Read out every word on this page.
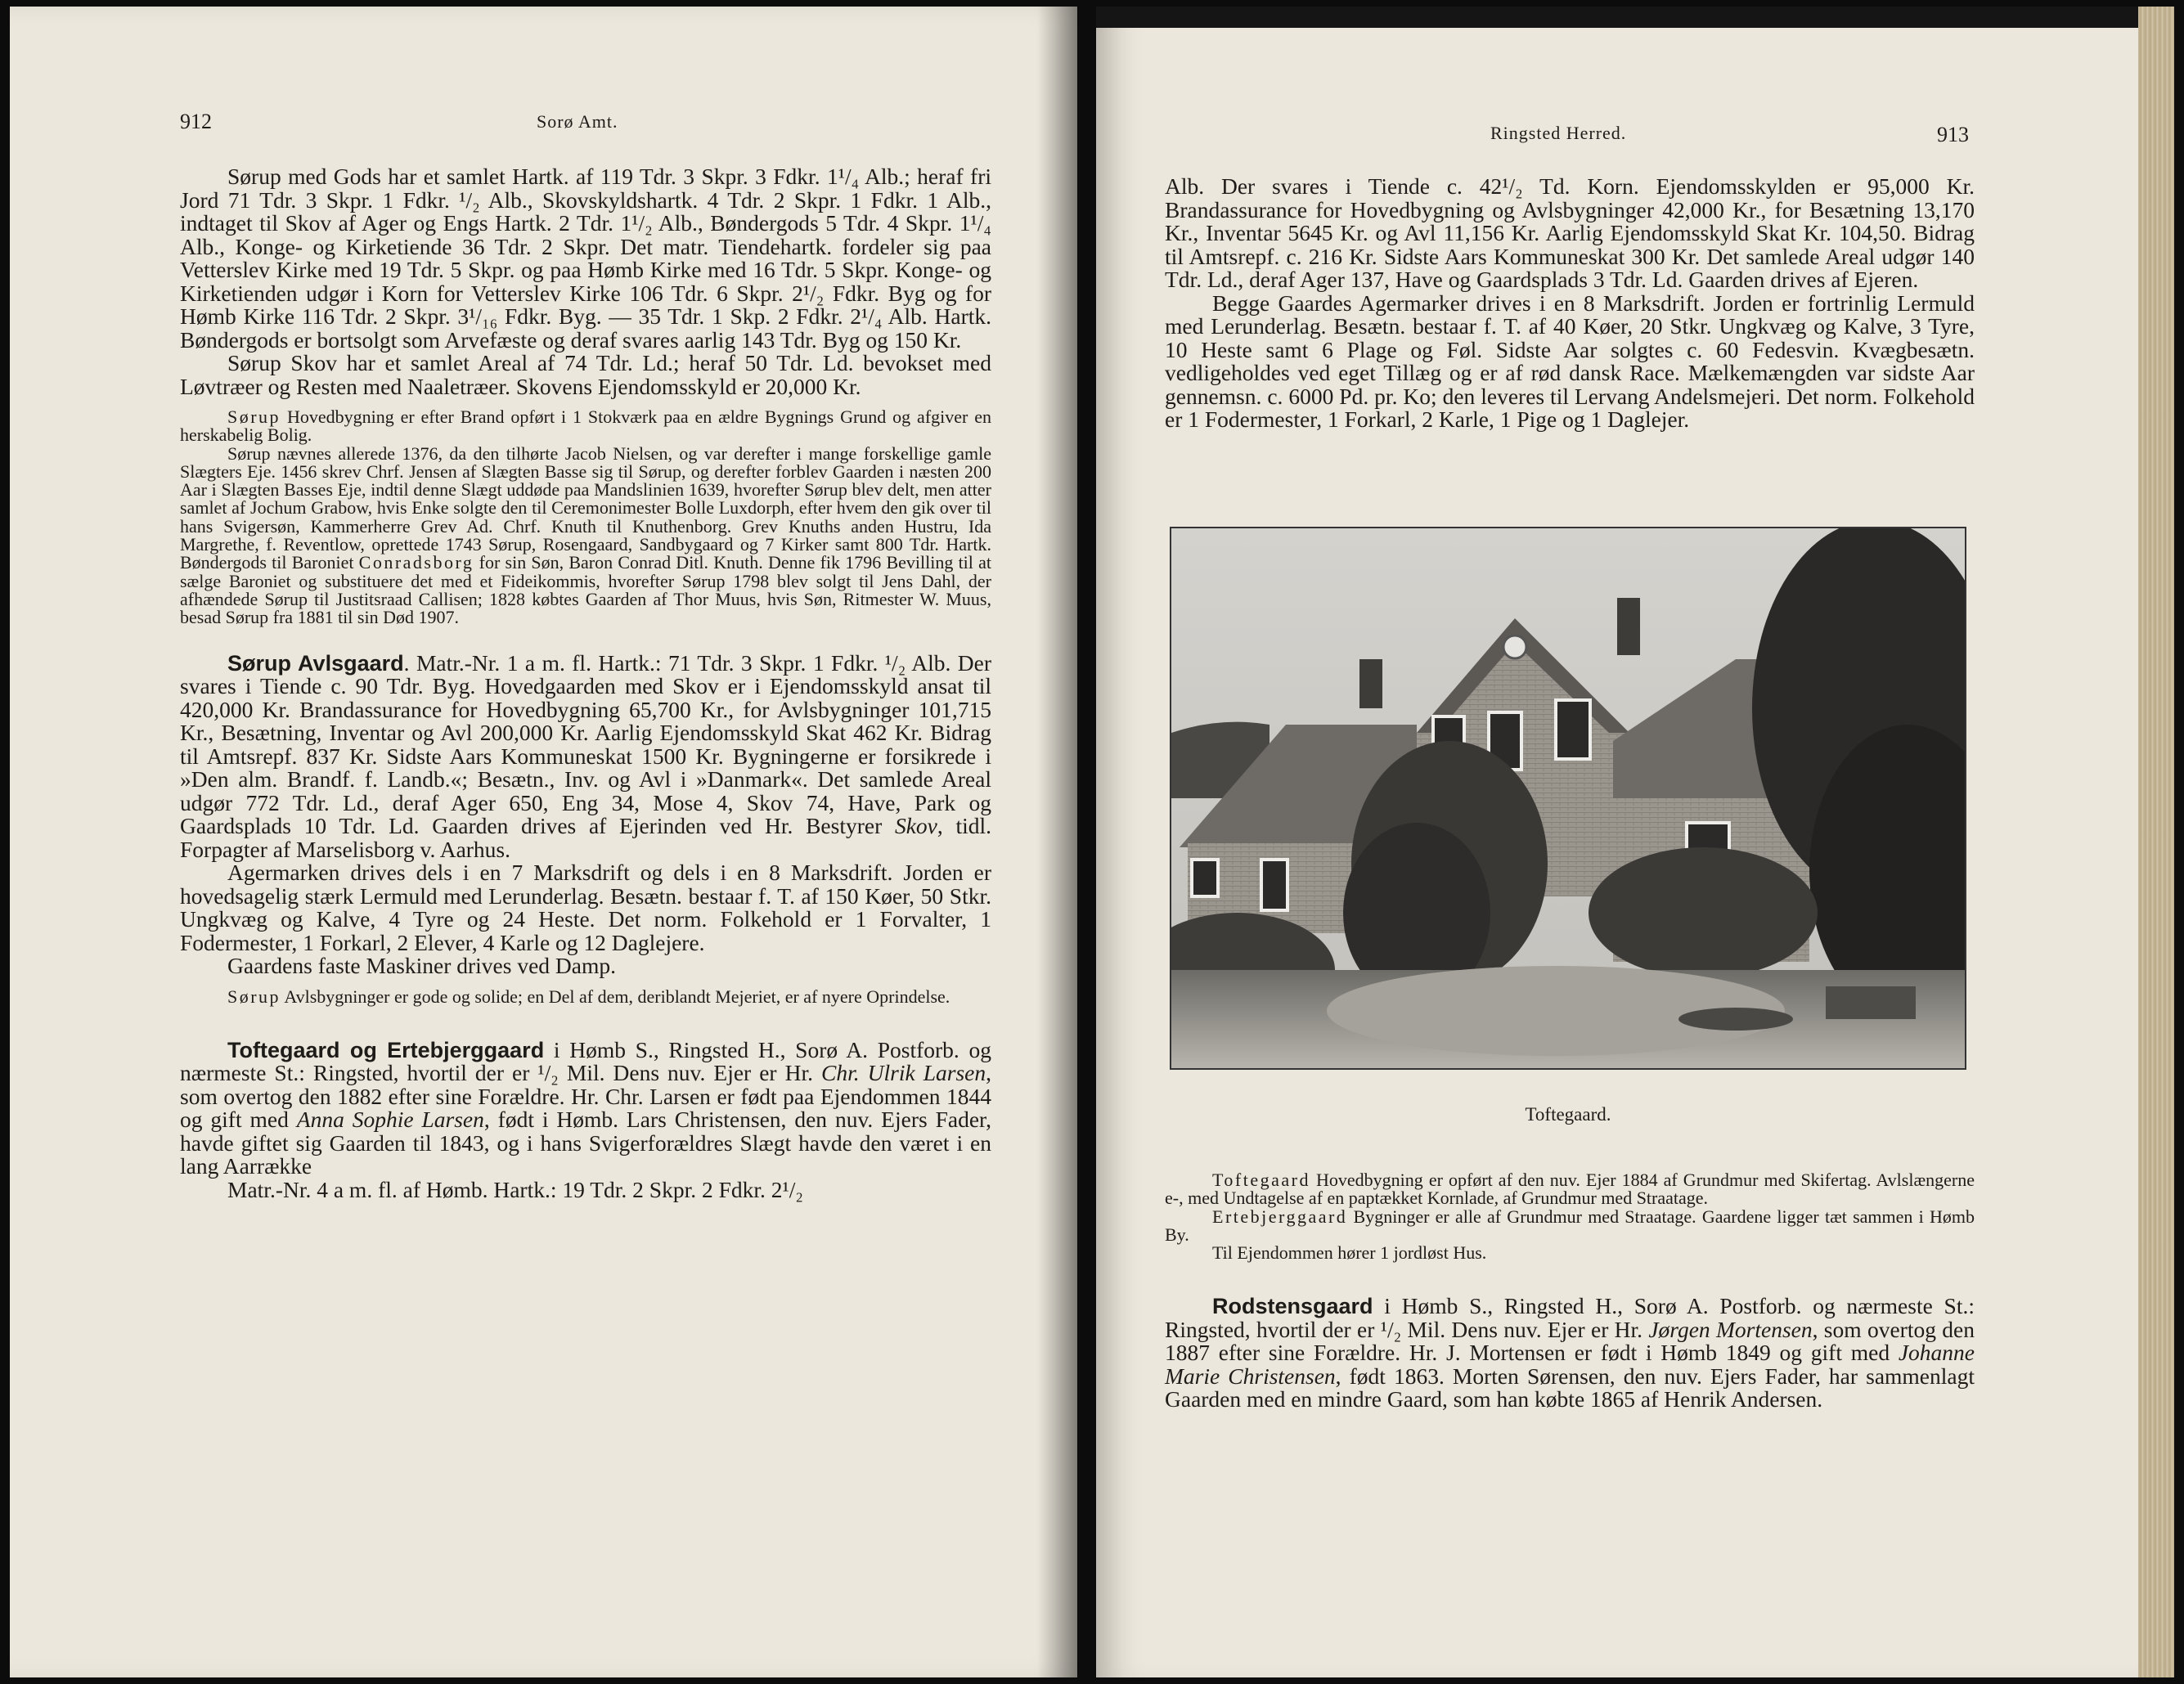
912	Sorø Amt.

Sørup med Gods har et samlet Hartk. af 119 Tdr. 3 Skpr. 3 Fdkr. 1¹/₄ Alb.; heraf fri Jord 71 Tdr. 3 Skpr. 1 Fdkr. ¹/₂ Alb., Skovskyldshartk. 4 Tdr. 2 Skpr. 1 Fdkr. 1 Alb., indtaget til Skov af Ager og Engs Hartk. 2 Tdr. 1¹/₂ Alb., Bøndergods 5 Tdr. 4 Skpr. 1¹/₄ Alb., Konge- og Kirketiende 36 Tdr. 2 Skpr. Det matr. Tiendehartk. fordeler sig paa Vetterslev Kirke med 19 Tdr. 5 Skpr. og paa Hømb Kirke med 16 Tdr. 5 Skpr. Konge- og Kirketienden udgør i Korn for Vetterslev Kirke 106 Tdr. 6 Skpr. 2¹/₂ Fdkr. Byg og for Hømb Kirke 116 Tdr. 2 Skpr. 3¹/₁₆ Fdkr. Byg. — 35 Tdr. 1 Skp. 2 Fdkr. 2¹/₄ Alb. Hartk. Bøndergods er bortsolgt som Arvefæste og deraf svares aarlig 143 Tdr. Byg og 150 Kr.

Sørup Skov har et samlet Areal af 74 Tdr. Ld.; heraf 50 Tdr. Ld. bevokset med Løvtræer og Resten med Naaletræer. Skovens Ejendomsskyld er 20,000 Kr.

Sørup Hovedbygning er efter Brand opført i 1 Stokværk paa en ældre Bygnings Grund og afgiver en herskabelig Bolig.

Sørup nævnes allerede 1376, da den tilhørte Jacob Nielsen, og var derefter i mange forskellige gamle Slægters Eje. 1456 skrev Chrf. Jensen af Slægten Basse sig til Sørup, og derefter forblev Gaarden i næsten 200 Aar i Slægten Basses Eje, indtil denne Slægt uddøde paa Mandslinien 1639, hvorefter Sørup blev delt, men atter samlet af Jochum Grabow, hvis Enke solgte den til Ceremonimester Bolle Luxdorph, efter hvem den gik over til hans Svigersøn, Kammerherre Grev Ad. Chrf. Knuth til Knuthenborg. Grev Knuths anden Hustru, Ida Margrethe, f. Reventlow, oprettede 1743 Sørup, Rosengaard, Sandbygaard og 7 Kirker samt 800 Tdr. Hartk. Bøndergods til Baroniet Conradsborg for sin Søn, Baron Conrad Ditl. Knuth. Denne fik 1796 Bevilling til at sælge Baroniet og substituere det med et Fideikommis, hvorefter Sørup 1798 blev solgt til Jens Dahl, der afhændede Sørup til Justitsraad Callisen; 1828 købtes Gaarden af Thor Muus, hvis Søn, Ritmester W. Muus, besad Sørup fra 1881 til sin Død 1907.

Sørup Avlsgaard. Matr.-Nr. 1 a m. fl. Hartk.: 71 Tdr. 3 Skpr. 1 Fdkr. ¹/₂ Alb. Der svares i Tiende c. 90 Tdr. Byg. Hovedgaarden med Skov er i Ejendomsskyld ansat til 420,000 Kr. Brandassurance for Hovedbygning 65,700 Kr., for Avlsbygninger 101,715 Kr., Besætning, Inventar og Avl 200,000 Kr. Aarlig Ejendomsskyld Skat 462 Kr. Bidrag til Amtsrepf. 837 Kr. Sidste Aars Kommuneskat 1500 Kr. Bygningerne er forsikrede i »Den alm. Brandf. f. Landb.«; Besætn., Inv. og Avl i »Danmark«. Det samlede Areal udgør 772 Tdr. Ld., deraf Ager 650, Eng 34, Mose 4, Skov 74, Have, Park og Gaardsplads 10 Tdr. Ld. Gaarden drives af Ejerinden ved Hr. Bestyrer Skov, tidl. Forpagter af Marselisborg v. Aarhus.

Agermarken drives dels i en 7 Marksdrift og dels i en 8 Marksdrift. Jorden er hovedsagelig stærk Lermuld med Lerunderlag. Besætn. bestaar f. T. af 150 Køer, 50 Stkr. Ungkvæg og Kalve, 4 Tyre og 24 Heste. Det norm. Folkehold er 1 Forvalter, 1 Fodermester, 1 Forkarl, 2 Elever, 4 Karle og 12 Daglejere.

Gaardens faste Maskiner drives ved Damp.

Sørup Avlsbygninger er gode og solide; en Del af dem, deriblandt Mejeriet, er af nyere Oprindelse.

Toftegaard og Ertebjerggaard i Hømb S., Ringsted H., Sorø A. Postforb. og nærmeste St.: Ringsted, hvortil der er ¹/₂ Mil. Dens nuv. Ejer er Hr. Chr. Ulrik Larsen, som overtog den 1882 efter sine Forældre. Hr. Chr. Larsen er født paa Ejendommen 1844 og gift med Anna Sophie Larsen, født i Hømb. Lars Christensen, den nuv. Ejers Fader, havde giftet sig Gaarden til 1843, og i hans Svigerforældres Slægt havde den været i en lang Aarrække

Matr.-Nr. 4 a m. fl. af Hømb. Hartk.: 19 Tdr. 2 Skpr. 2 Fdkr. 2¹/₂

Ringsted Herred.	913

Alb. Der svares i Tiende c. 42¹/₂ Td. Korn. Ejendomsskylden er 95,000 Kr. Brandassurance for Hovedbygning og Avlsbygninger 42,000 Kr., for Besætning 13,170 Kr., Inventar 5645 Kr. og Avl 11,156 Kr. Aarlig Ejendomsskyld Skat Kr. 104,50. Bidrag til Amtsrepf. c. 216 Kr. Sidste Aars Kommuneskat 300 Kr. Det samlede Areal udgør 140 Tdr. Ld., deraf Ager 137, Have og Gaardsplads 3 Tdr. Ld. Gaarden drives af Ejeren.

Begge Gaardes Agermarker drives i en 8 Marksdrift. Jorden er fortrinlig Lermuld med Lerunderlag. Besætn. bestaar f. T. af 40 Køer, 20 Stkr. Ungkvæg og Kalve, 3 Tyre, 10 Heste samt 6 Plage og Føl. Sidste Aar solgtes c. 60 Fedesvin. Kvægbesætn. vedligeholdes ved eget Tillæg og er af rød dansk Race. Mælkemængden var sidste Aar gennemsn. c. 6000 Pd. pr. Ko; den leveres til Lervang Andelsmejeri. Det norm. Folkehold er 1 Fodermester, 1 Forkarl, 2 Karle, 1 Pige og 1 Daglejer.

Toftegaard.

Toftegaard Hovedbygning er opført af den nuv. Ejer 1884 af Grundmur med Skifertag. Avlslængerne e-, med Undtagelse af en paptækket Kornlade, af Grundmur med Straatage.

Ertebjerggaard Bygninger er alle af Grundmur med Straatage. Gaardene ligger tæt sammen i Hømb By.

Til Ejendommen hører 1 jordløst Hus.

Rodstensgaard i Hømb S., Ringsted H., Sorø A. Postforb. og nærmeste St.: Ringsted, hvortil der er ¹/₂ Mil. Dens nuv. Ejer er Hr. Jørgen Mortensen, som overtog den 1887 efter sine Forældre. Hr. J. Mortensen er født i Hømb 1849 og gift med Johanne Marie Christensen, født 1863. Morten Sørensen, den nuv. Ejers Fader, har sammenlagt Gaarden med en mindre Gaard, som han købte 1865 af Henrik Andersen.
